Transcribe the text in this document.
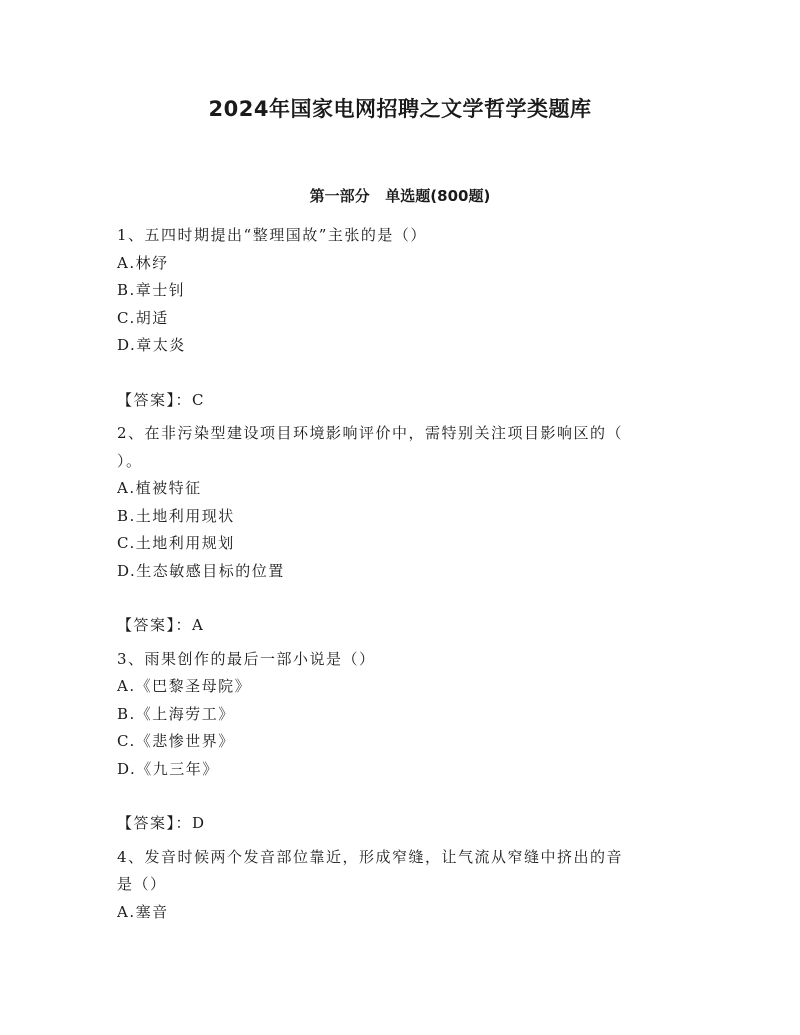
2024年国家电网招聘之文学哲学类题库
第一部分   单选题(800题)
1、五四时期提出“整理国故”主张的是（）
A.林纾
B.章士钊
C.胡适
D.章太炎
【答案】：C
2、在非污染型建设项目环境影响评价中，需特别关注项目影响区的（
）。
A.植被特征
B.土地利用现状
C.土地利用规划
D.生态敏感目标的位置
【答案】：A
3、雨果创作的最后一部小说是（）
A.《巴黎圣母院》
B.《上海劳工》
C.《悲惨世界》
D.《九三年》
【答案】：D
4、发音时候两个发音部位靠近，形成窄缝，让气流从窄缝中挤出的音
是（）
A.塞音
